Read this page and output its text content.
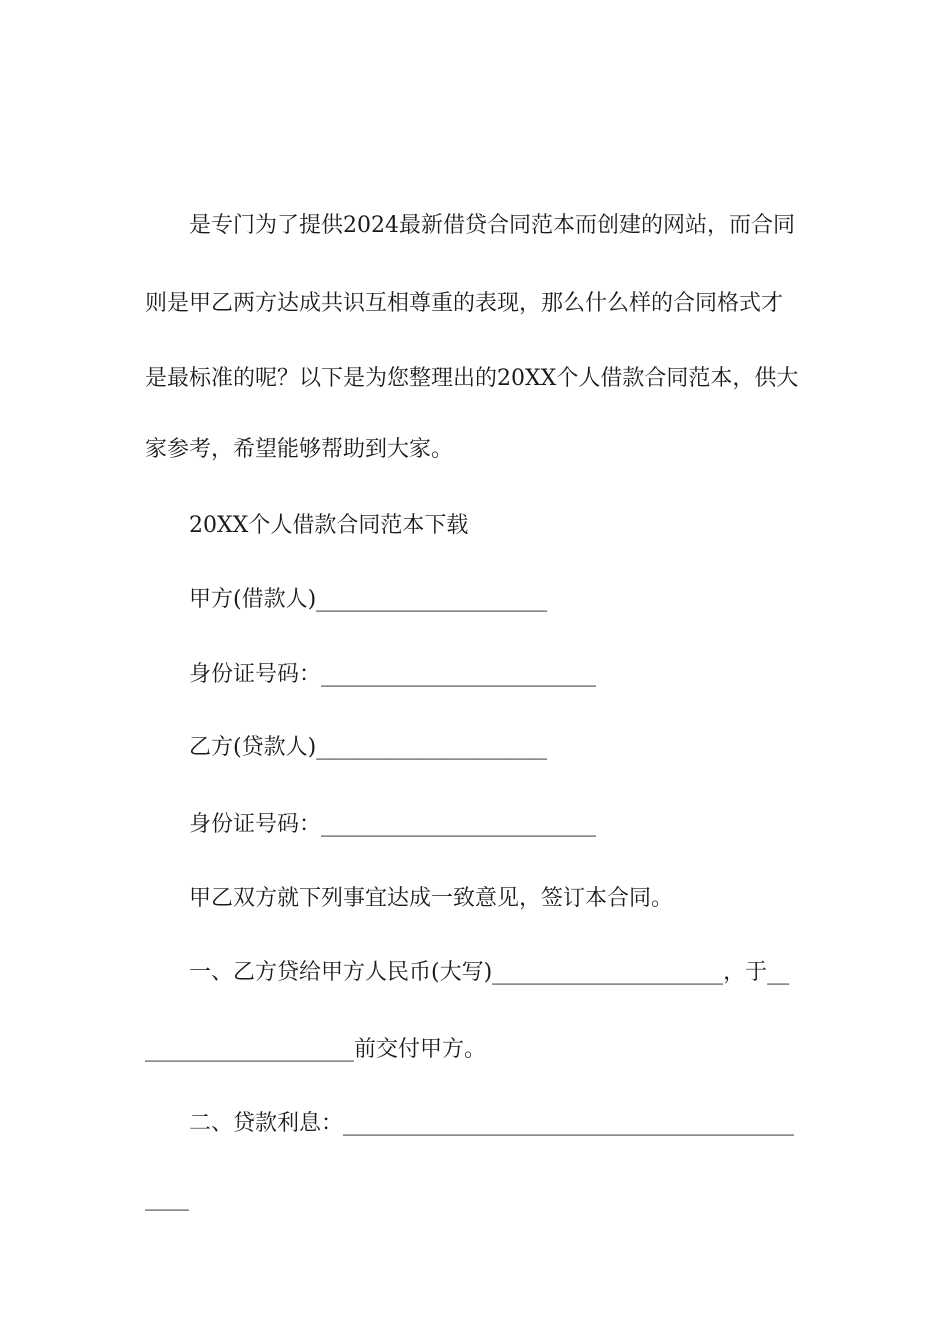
是专门为了提供2024最新借贷合同范本而创建的网站，而合同
则是甲乙两方达成共识互相尊重的表现，那么什么样的合同格式才
是最标准的呢？以下是为您整理出的20XX个人借款合同范本，供大
家参考，希望能够帮助到大家。
20XX个人借款合同范本下载
甲方(借款人)_____________________
身份证号码：_________________________
乙方(贷款人)_____________________
身份证号码：_________________________
甲乙双方就下列事宜达成一致意见，签订本合同。
一、乙方贷给甲方人民币(大写)_____________________，于__
___________________前交付甲方。
二、贷款利息：_________________________________________
____
